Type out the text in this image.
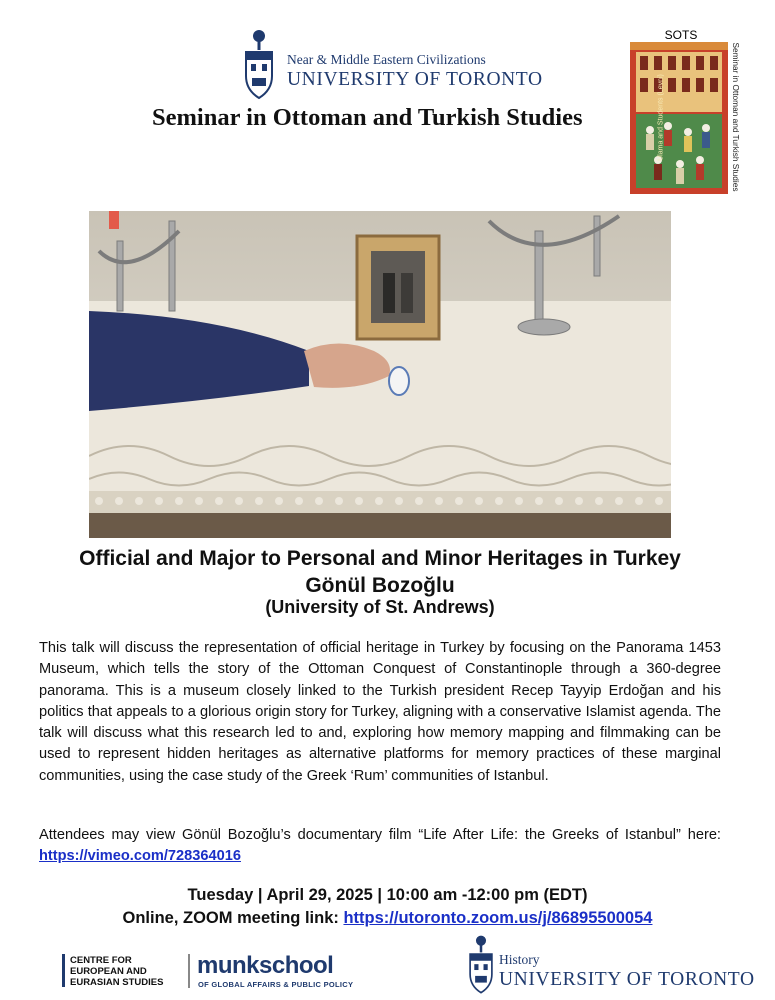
Near & Middle Eastern Civilizations
UNIVERSITY OF TORONTO
Seminar in Ottoman and Turkish Studies
SOTS
Ulama and Students (Levni)	Seminar in Ottoman and Turkish Studies
Official and Major to Personal and Minor Heritages in Turkey
Gönül Bozoğlu
(University of St. Andrews)
This talk will discuss the representation of official heritage in Turkey by focusing on the Panorama 1453 Museum, which tells the story of the Ottoman Conquest of Constantinople through a 360-degree panorama. This is a museum closely linked to the Turkish president Recep Tayyip Erdoğan and his politics that appeals to a glorious origin story for Turkey, aligning with a conservative Islamist agenda. The talk will discuss what this research led to and, exploring how memory mapping and filmmaking can be used to represent hidden heritages as alternative platforms for memory practices of these marginal communities, using the case study of the Greek ‘Rum’ communities of Istanbul.
Attendees may view Gönül Bozoğlu’s documentary film “Life After Life: the Greeks of Istanbul” here: https://vimeo.com/728364016
Tuesday | April 29, 2025 | 10:00 am -12:00 pm (EDT)
Online, ZOOM meeting link: https://utoronto.zoom.us/j/86895500054
CENTRE FOR
EUROPEAN AND
EURASIAN STUDIES
munkschool
OF GLOBAL AFFAIRS & PUBLIC POLICY
History
UNIVERSITY OF TORONTO
